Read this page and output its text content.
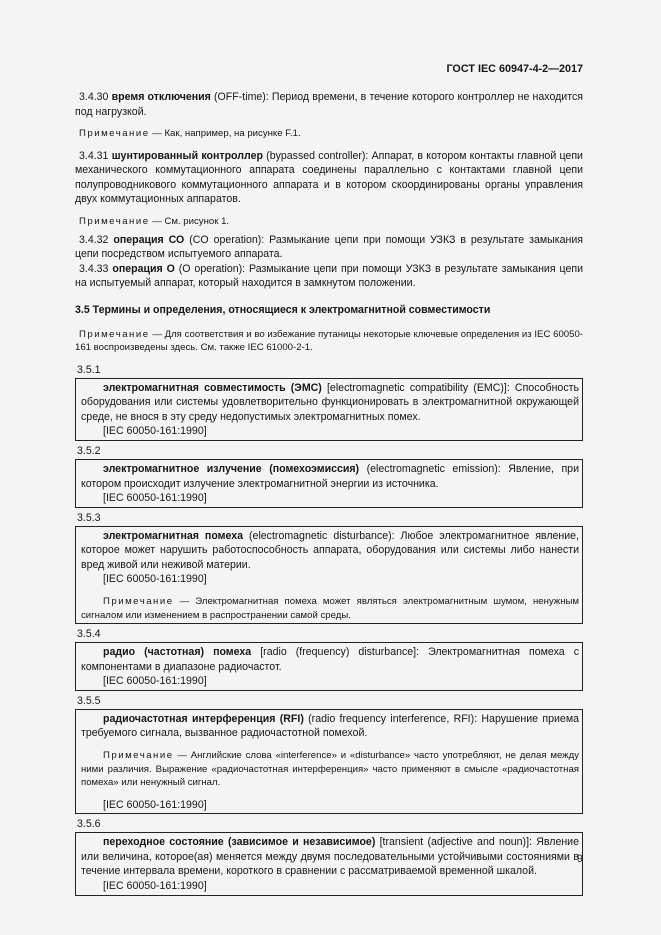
ГОСТ IEC 60947-4-2—2017
3.4.30 время отключения (OFF-time): Период времени, в течение которого контроллер не находится под нагрузкой.
Примечание — Как, например, на рисунке F.1.
3.4.31 шунтированный контроллер (bypassed controller): Аппарат, в котором контакты главной цепи механического коммутационного аппарата соединены параллельно с контактами главной цепи полупроводникового коммутационного аппарата и в котором скоординированы органы управления двух коммутационных аппаратов.
Примечание — См. рисунок 1.
3.4.32 операция СО (CO operation): Размыкание цепи при помощи УЗКЗ в результате замыкания цепи посредством испытуемого аппарата.
3.4.33 операция О (O operation): Размыкание цепи при помощи УЗКЗ в результате замыкания цепи на испытуемый аппарат, который находится в замкнутом положении.
3.5 Термины и определения, относящиеся к электромагнитной совместимости
Примечание — Для соответствия и во избежание путаницы некоторые ключевые определения из IEC 60050-161 воспроизведены здесь. См. также IEC 61000-2-1.
3.5.1
электромагнитная совместимость (ЭМС) [electromagnetic compatibility (EMC)]: Способность оборудования или системы удовлетворительно функционировать в электромагнитной окружающей среде, не внося в эту среду недопустимых электромагнитных помех.
[IEC 60050-161:1990]
3.5.2
электромагнитное излучение (помехоэмиссия) (electromagnetic emission): Явление, при котором происходит излучение электромагнитной энергии из источника.
[IEC 60050-161:1990]
3.5.3
электромагнитная помеха (electromagnetic disturbance): Любое электромагнитное явление, которое может нарушить работоспособность аппарата, оборудования или системы либо нанести вред живой или неживой материи.
[IEC 60050-161:1990]
Примечание — Электромагнитная помеха может являться электромагнитным шумом, ненужным сигналом или изменением в распространении самой среды.
3.5.4
радио (частотная) помеха [radio (frequency) disturbance]: Электромагнитная помеха с компонентами в диапазоне радиочастот.
[IEC 60050-161:1990]
3.5.5
радиочастотная интерференция (RFI) (radio frequency interference, RFI): Нарушение приема требуемого сигнала, вызванное радиочастотной помехой.
Примечание — Английские слова «interference» и «disturbance» часто употребляют, не делая между ними различия. Выражение «радиочастотная интерференция» часто применяют в смысле «радиочастотная помеха» или ненужный сигнал.
[IEC 60050-161:1990]
3.5.6
переходное состояние (зависимое и независимое) [transient (adjective and noun)]: Явление или величина, которое(ая) меняется между двумя последовательными устойчивыми состояниями в течение интервала времени, короткого в сравнении с рассматриваемой временной шкалой.
[IEC 60050-161:1990]
9
